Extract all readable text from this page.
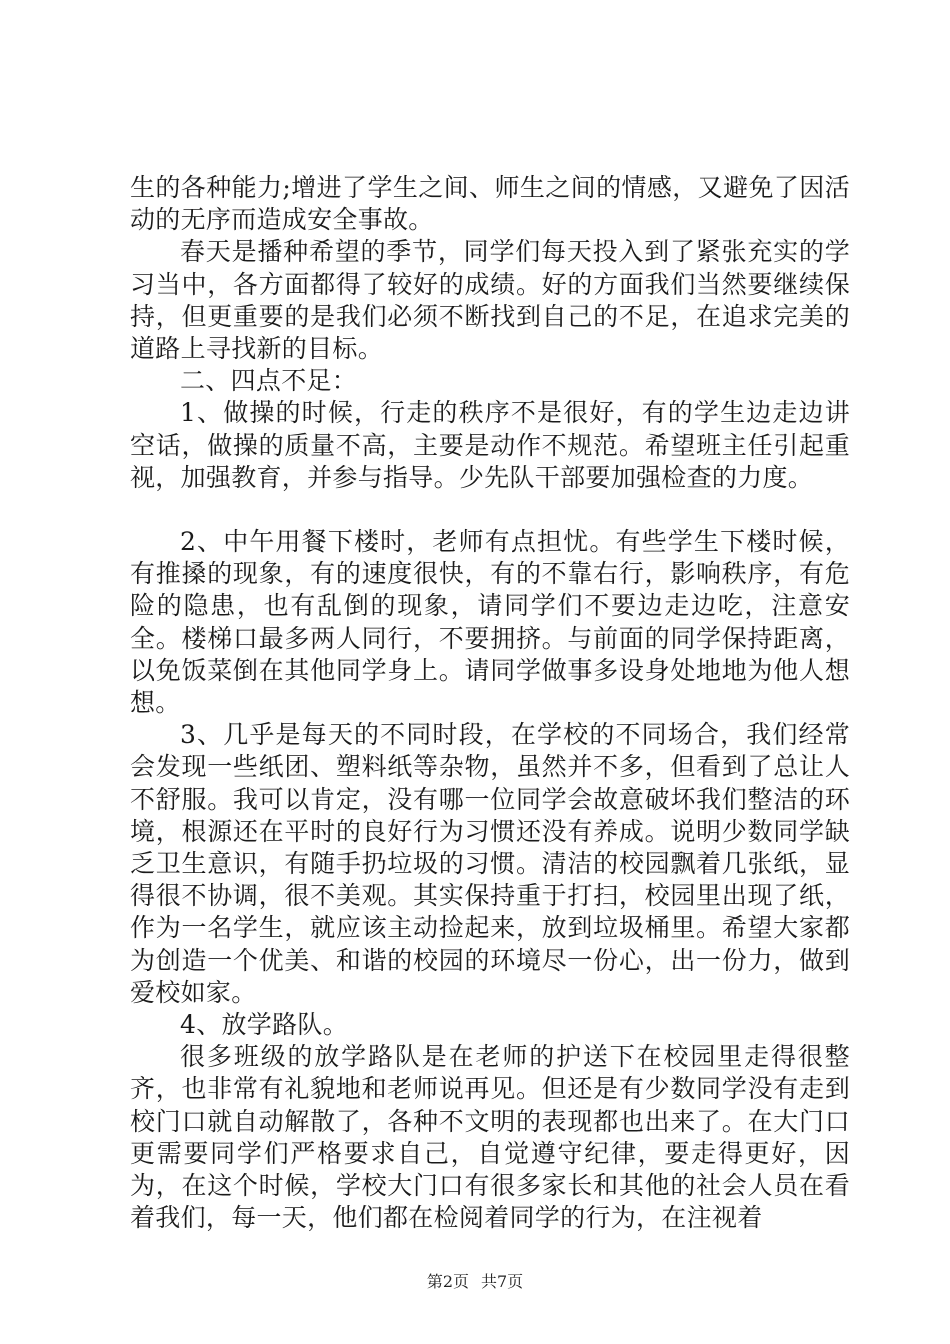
生的各种能力;增进了学生之间、师生之间的情感，又避免了因活动的无序而造成安全事故。

春天是播种希望的季节，同学们每天投入到了紧张充实的学习当中，各方面都得了较好的成绩。好的方面我们当然要继续保持，但更重要的是我们必须不断找到自己的不足，在追求完美的道路上寻找新的目标。

二、四点不足：

1、做操的时候，行走的秩序不是很好，有的学生边走边讲空话，做操的质量不高，主要是动作不规范。希望班主任引起重视，加强教育，并参与指导。少先队干部要加强检查的力度。

2、中午用餐下楼时，老师有点担忧。有些学生下楼时候，有推搡的现象，有的速度很快，有的不靠右行，影响秩序，有危险的隐患，也有乱倒的现象，请同学们不要边走边吃，注意安全。楼梯口最多两人同行，不要拥挤。与前面的同学保持距离，以免饭菜倒在其他同学身上。请同学做事多设身处地地为他人想想。

3、几乎是每天的不同时段，在学校的不同场合，我们经常会发现一些纸团、塑料纸等杂物，虽然并不多，但看到了总让人不舒服。我可以肯定，没有哪一位同学会故意破坏我们整洁的环境，根源还在平时的良好行为习惯还没有养成。说明少数同学缺乏卫生意识，有随手扔垃圾的习惯。清洁的校园飘着几张纸，显得很不协调，很不美观。其实保持重于打扫，校园里出现了纸，作为一名学生，就应该主动捡起来，放到垃圾桶里。希望大家都为创造一个优美、和谐的校园的环境尽一份心，出一份力，做到爱校如家。

4、放学路队。

很多班级的放学路队是在老师的护送下在校园里走得很整齐，也非常有礼貌地和老师说再见。但还是有少数同学没有走到校门口就自动解散了，各种不文明的表现都也出来了。在大门口更需要同学们严格要求自己，自觉遵守纪律，要走得更好，因为，在这个时候，学校大门口有很多家长和其他的社会人员在看着我们，每一天，他们都在检阅着同学的行为，在注视着

第2页 共7页
